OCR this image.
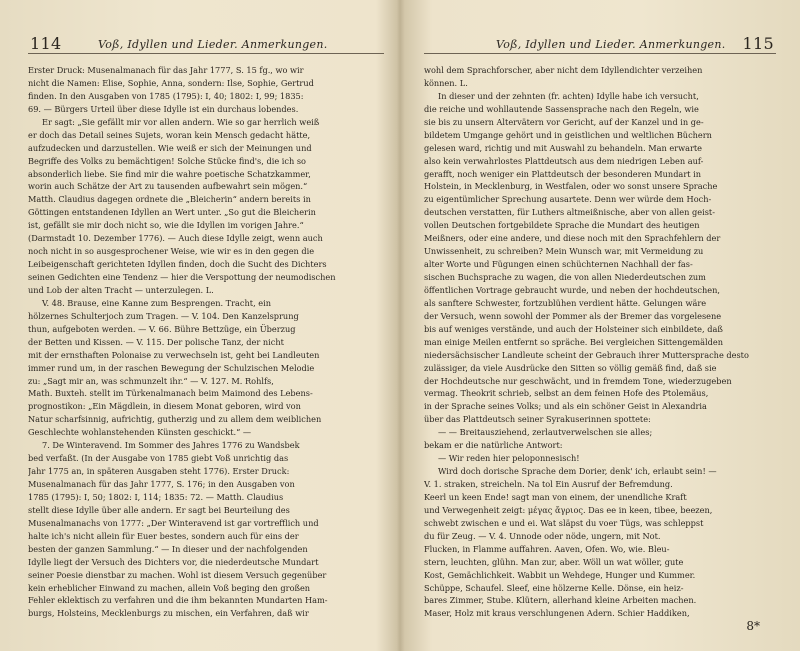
114	Voß, Idyllen und Lieder. Anmerkungen.
Erster Druck: Musenalmanach für das Jahr 1777, S. 15 fg., wo wir
nicht die Namen: Elise, Sophie, Anna, sondern: Ilse, Sophie, Gertrud
finden. In den Ausgaben von 1785 (1795): I, 40; 1802: I, 99; 1835:
69. — Bürgers Urteil über diese Idylle ist ein durchaus lobendes.
Er sagt: „Sie gefällt mir vor allen andern. Wie so gar herrlich weiß
er doch das Detail seines Sujets, woran kein Mensch gedacht hätte,
aufzudecken und darzustellen. Wie weiß er sich der Meinungen und
Begriffe des Volks zu bemächtigen! Solche Stücke find's, die ich so
absonderlich liebe. Sie find mir die wahre poetische Schatzkammer,
worin auch Schätze der Art zu tausenden aufbewahrt sein mögen.“
Matth. Claudius dagegen ordnete die „Bleicherin“ andern bereits in
Göttingen entstandenen Idyllen an Wert unter. „So gut die Bleicherin
ist, gefällt sie mir doch nicht so, wie die Idyllen im vorigen Jahre.“
(Darmstadt 10. Dezember 1776). — Auch diese Idylle zeigt, wenn auch
noch nicht in so ausgesprochener Weise, wie wir es in den gegen die
Leibeigenschaft gerichteten Idyllen finden, doch die Sucht des Dichters
seinen Gedichten eine Tendenz — hier die Verspottung der neumodischen
und Lob der alten Tracht — unterzulegen. L.
V. 48. Brause, eine Kanne zum Besprengen. Tracht, ein
hölzernes Schulterjoch zum Tragen. — V. 104. Den Kanzelsprung
thun, aufgeboten werden. — V. 66. Bühre Bettzüge, ein Überzug
der Betten und Kissen. — V. 115. Der polische Tanz, der nicht
mit der ernsthaften Polonaise zu verwechseln ist, geht bei Landleuten
immer rund um, in der raschen Bewegung der Schulzischen Melodie
zu: „Sagt mir an, was schmunzelt ihr.“ — V. 127. M. Rohlfs,
Math. Buxteh. stellt im Türkenalmanach beim Maimond des Lebens-
prognostikon: „Ein Mägdlein, in diesem Monat geboren, wird von
Natur scharfsinnig, aufrichtig, gutherzig und zu allem dem weiblichen
Geschlechte wohlanstehenden Künsten geschickt.“ —
7. De Winteravend. Im Sommer des Jahres 1776 zu Wandsbek
bed verfaßt. (In der Ausgabe von 1785 giebt Voß unrichtig das
Jahr 1775 an, in späteren Ausgaben steht 1776). Erster Druck:
Musenalmanach für das Jahr 1777, S. 176; in den Ausgaben von
1785 (1795): I, 50; 1802: I, 114; 1835: 72. — Matth. Claudius
stellt diese Idylle über alle andern. Er sagt bei Beurteilung des
Musenalmanachs von 1777: „Der Winteravend ist gar vortrefflich und
halte ich's nicht allein für Euer bestes, sondern auch für eins der
besten der ganzen Sammlung.“ — In dieser und der nachfolgenden
Idylle liegt der Versuch des Dichters vor, die niederdeutsche Mundart
seiner Poesie dienstbar zu machen. Wohl ist diesem Versuch gegenüber
kein erheblicher Einwand zu machen, allein Voß beging den großen
Fehler eklektisch zu verfahren und die ihm bekannten Mundarten Ham-
burgs, Holsteins, Mecklenburgs zu mischen, ein Verfahren, daß wir
Voß, Idyllen und Lieder. Anmerkungen. 115
wohl dem Sprachforscher, aber nicht dem Idyllendichter verzeihen
können. L.
In dieser und der zehnten (fr. achten) Idylle habe ich versucht,
die reiche und wohllautende Sassensprache nach den Regeln, wie
sie bis zu unsern Altervätern vor Gericht, auf der Kanzel und in ge-
bildetem Umgange gehört und in geistlichen und weltlichen Büchern
gelesen ward, richtig und mit Auswahl zu behandeln. Man erwarte
also kein verwahrlostes Plattdeutsch aus dem niedrigen Leben auf-
gerafft, noch weniger ein Plattdeutsch der besonderen Mundart in
Holstein, in Mecklenburg, in Westfalen, oder wo sonst unsere Sprache
zu eigentümlicher Sprechung ausartete. Denn wer würde dem Hoch-
deutschen verstatten, für Luthers altmeißnische, aber von allen geist-
vollen Deutschen fortgebildete Sprache die Mundart des heutigen
Meißners, oder eine andere, und diese noch mit den Sprachfehlern der
Unwissenheit, zu schreiben? Mein Wunsch war, mit Vermeidung zu
alter Worte und Fügungen einen schüchternen Nachhall der fas-
sischen Buchsprache zu wagen, die von allen Niederdeutschen zum
öffentlichen Vortrage gebraucht wurde, und neben der hochdeutschen,
als sanftere Schwester, fortzublühen verdient hätte. Gelungen wäre
der Versuch, wenn sowohl der Pommer als der Bremer das vorgelesene
bis auf weniges verstände, und auch der Holsteiner sich einbildete, daß
man einige Meilen entfernt so spräche. Bei vergleichen Sittengemälden
niedersächsischer Landleute scheint der Gebrauch ihrer Muttersprache desto
zulässiger, da viele Ausdrücke den Sitten so völlig gemäß find, daß sie
der Hochdeutsche nur geschwächt, und in fremdem Tone, wiederzugeben
vermag. Theokrit schrieb, selbst an dem feinen Hofe des Ptolemäus,
in der Sprache seines Volks; und als ein schöner Geist in Alexandria
über das Plattdeutsch seiner Syrakuserinnen spottete:
— — Breitausziehend, zerlautverwelschen sie alles;
bekam er die natürliche Antwort:
— Wir reden hier peloponnesisch!
Wird doch dorische Sprache dem Dorier, denk' ich, erlaubt sein! —
V. 1. straken, streicheln. Na tol Ein Ausruf der Befremdung.
Keerl un keen Ende! sagt man von einem, der unendliche Kraft
und Verwegenheit zeigt: μέγας ἄγριος. Das ee in keen, tibee, beezen,
schwebt zwischen e und ei. Wat släpst du voer Tügs, was schleppst
du für Zeug. — V. 4. Unnode oder nöde, ungern, mit Not.
Flucken, in Flamme auffahren. Aaven, Ofen. Wo, wie. Bleu-
stern, leuchten, glühn. Man zur, aber. Wöll un wat wöller, gute
Kost, Gemächlichkeit. Wabbit un Wehdege, Hunger und Kummer.
Schüppe, Schaufel. Sleef, eine hölzerne Kelle. Dönse, ein heiz-
bares Zimmer, Stube. Klütern, allerhand kleine Arbeiten machen.
Maser, Holz mit kraus verschlungenen Adern. Schier Haddiken,
8*
